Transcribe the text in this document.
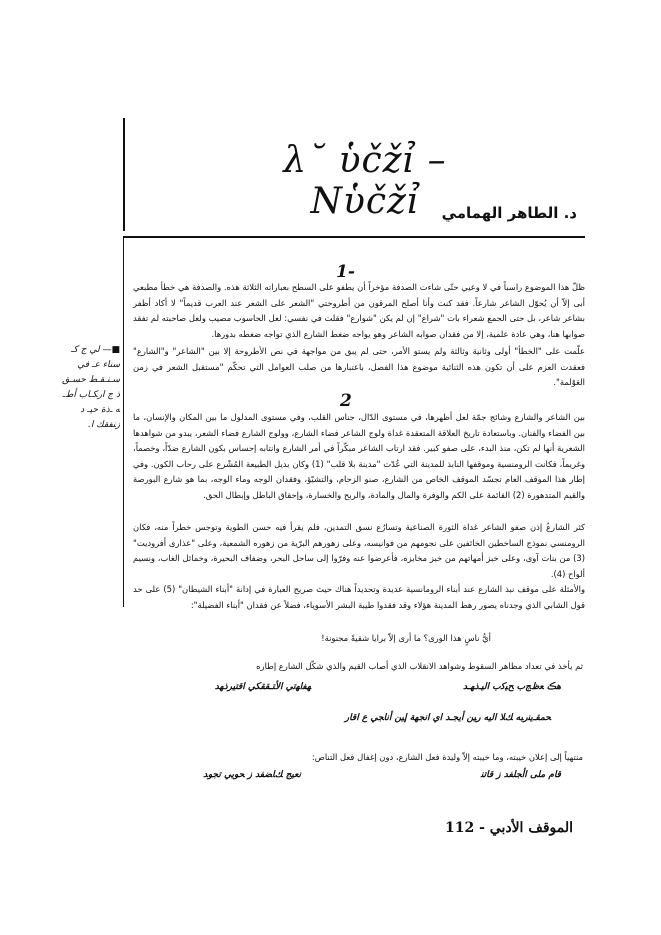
λ˘ ὑčžỉ –Nὑčžỉ	د. الطاهر الهمامي
■— لي ج كـ سناء عـ في سـنـقـط حسـق ﺫ ج ﺍﺭﻜـﺎﺏ ﺃﻁـ ﻪ ـﺫﺓ حيـ ﺩ ﺯﻨﻔﻘﻚ ﺍ.
1-
ظلّ هذا الموضوع راسباً في لا وعيي حتّى شاءت الصدفة مؤخراً أن يطفو على السطح بعباراته الثلاثة هذه. والصدفة هي خطأ مطبعي أبى إلاّ أن يُحوّل الشاعر شارعاً. فقد كنت وأنا أصلح المرقون من أطروحتي "الشعر على الشعر عند العرب قديماً" لا أكاد أظفر بشاعر شاعر، بل حتى الجمع شعراء بات "شراع" إن لم يكن "شوارع" فقلت في نفسي: لعل الحاسوب مصيب ولعل صاحبته لم تفقد صوابها هنا، وهي عادة علمية، إلا من فقدان صوابه الشاعر وهو يواجه ضغط الشارع الذي تواجه ضغطه بدورها.
علّمت على "الخطأ" أولى وثانية وثالثة ولم يستو الأمر، حتى لم يبق من مواجهة في نص الأطروحة إلا بين "الشاعر" و"الشارع" فعقدت العزم على أن تكون هذه الثنائية موضوع هذا الفصل، باعتبارها من صلب العوامل التي تحكّم "مستقبل الشعر في زمن العَوْلمة".
2
بين الشاعر والشارع وشائج جمّة لعل أظهرها، في مستوى الدّال، جناس القلب، وفي مستوى المدلول ما بين المكان والإنسان، ما بين الفضاء والفنان. وباستعادة تاريخ العلاقة المتعقدة غداة ولوج الشاعر فضاء الشارع، وولوج الشارع فضاء الشعر، يبدو من شواهدها الشعرية أنها لم تكن، منذ البدء، على صفو كبير. فقد ارتاب الشاعر مبكّراً في أمر الشارع وانتابه إحساس بكون الشارع ضدّاً، وخصماً، وغريماً، فكانت الرومنسية وموقفها النابذ للمدينة التي عُدّت "مدينة بلا قلب" (1) وكان بديل الطبيعة المُشْرع على رحاب الكون. وفي إطار هذا الموقف العام تجسّد الموقف الخاص من الشارع، صنو الزحام، والتشيّؤ، وفقدان الوجه وماء الوجه، بما هو شارع البورصة والقيم المتدهورة (2) القائمة على الكم والوفرة والمال والمادة، والربح والخسارة، وإحقاق الباطل وإبطال الحق.
كثر الشارعُ إذن صفو الشاعر غداة الثورة الصناعية وتسارُع نسق التمدين، فلم يقرأ فيه حسن الطوية وتوجس خطراً منه، فكان الرومنسي نموذج الساخطين الخائفين على نجومهم من فوانيسه، وعلى زهورهم البرّية من زهوره الشمعية، وعلى "عذارى أفروديت" (3) من بنات آوى، وعلى خبز أمهاتهم من خبز مخابزه، فأعرضوا عنه وفرّوا إلى ساحل البحر، وضفاف البحيرة، وخمائل الغاب، ونسيم ألواح (4).
والأمثلة على موقف نبذ الشارع عند أبناء الرومانسية عديدة وتحديداً هناك حيث صريح العبارة في إدانة "أبناء الشيطان" (5) على حد قول الشابي الذي وجدناه يصور رهط المدينة هؤلاء وقد فقدوا طيبة البشر الأسوياء، فضلاً عن فقدان "أبناء الفضيلة":
أيُّ ناسٍ هذا الورى؟ ما أرى إلاّ برايا شقيةً مجنونة!
ثم يأخذ في تعداد مظاهر السقوط وشواهد الانقلاب الذي أصاب القيم والذي شكّل الشارع إطاره
هڪ ﻌﻅﺞﺏ ﺢﻴﻛﺏ ﺍﻟﻴـﺫﻬـﺪ
ﻬﻔﺍﻬﺗﻲ ﺍﻷﺘـﻘﻘﻜﻲ ﺍﻗﺘﻴﺮﺫﻬﺪ
ﺤﻤﻘـﻳﻨﺭﺒﻪ ﻚﻼ ﺍﻟﻴﻪ ﺭﻴﻦ ﺃﻳﺠـﺪ ﺍﻱ ﺍﻧﺠﻬﺔ ﺇﻴﻦ ﺃﻧﺎﺠﻲ ﻉ ﺍﻗﺎﺭ
منتهياً إلى إعلان خيبته، وما خيبته إلاّ وليدة فعل الشارع، دون إغفال فعل التناص:
ﻗﺎﻡ ﻣﻠﻰ ﺍﺃﺠﻠﻔﺪ ﺯ ﻗﺎﺗﻨ
ﻧﻌﻴﺞ ﻚﺎﻀﻔﺪ ﺯ ﺤﻮﻳﻲ ﺗﺠﻮﺪ
الموقف الأدبي - 112
